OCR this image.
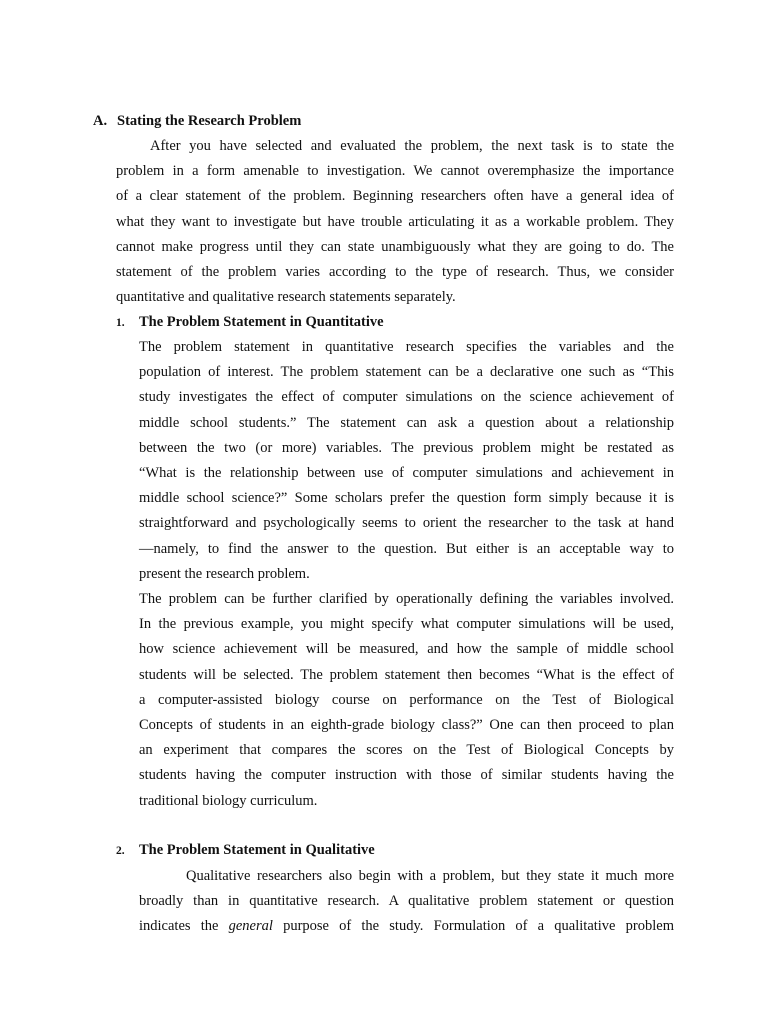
A. Stating the Research Problem
After you have selected and evaluated the problem, the next task is to state the
problem in a form amenable to investigation. We cannot overemphasize the importance
of a clear statement of the problem. Beginning researchers often have a general idea of
what they want to investigate but have trouble articulating it as a workable problem. They
cannot make progress until they can state unambiguously what they are going to do. The
statement of the problem varies according to the type of research. Thus, we consider
quantitative and qualitative research statements separately.
1. The Problem Statement in Quantitative
The problem statement in quantitative research specifies the variables and the
population of interest. The problem statement can be a declarative one such as “This
study investigates the effect of computer simulations on the science achievement of
middle school students.” The statement can ask a question about a relationship
between the two (or more) variables. The previous problem might be restated as
“What is the relationship between use of computer simulations and achievement in
middle school science?” Some scholars prefer the question form simply because it is
straightforward and psychologically seems to orient the researcher to the task at hand
—namely, to find the answer to the question. But either is an acceptable way to
present the research problem.
The problem can be further clarified by operationally defining the variables involved.
In the previous example, you might specify what computer simulations will be used,
how science achievement will be measured, and how the sample of middle school
students will be selected. The problem statement then becomes “What is the effect of
a computer-assisted biology course on performance on the Test of Biological
Concepts of students in an eighth-grade biology class?” One can then proceed to plan
an experiment that compares the scores on the Test of Biological Concepts by
students having the computer instruction with those of similar students having the
traditional biology curriculum.
2. The Problem Statement in Qualitative
Qualitative researchers also begin with a problem, but they state it much more
broadly than in quantitative research. A qualitative problem statement or question
indicates the general purpose of the study. Formulation of a qualitative problem
